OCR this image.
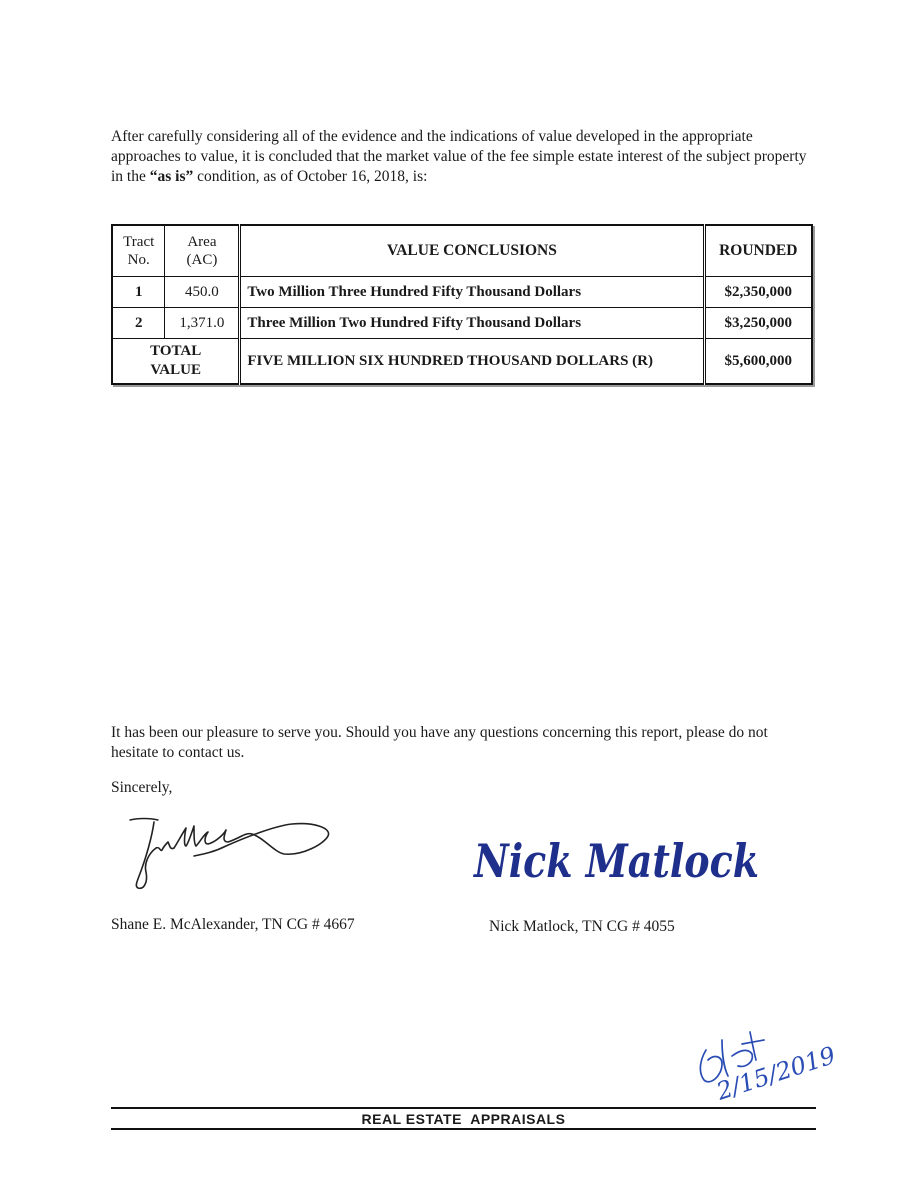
After carefully considering all of the evidence and the indications of value developed in the appropriate approaches to value, it is concluded that the market value of the fee simple estate interest of the subject property in the “as is” condition, as of October 16, 2018, is:

Tract No.	Area (AC)	VALUE CONCLUSIONS	ROUNDED
1	450.0	Two Million Three Hundred Fifty Thousand Dollars	$2,350,000
2	1,371.0	Three Million Two Hundred Fifty Thousand Dollars	$3,250,000
TOTAL VALUE		FIVE MILLION SIX HUNDRED THOUSAND DOLLARS (R)	$5,600,000

It has been our pleasure to serve you. Should you have any questions concerning this report, please do not hesitate to contact us.

Sincerely,
Nick Matlock
Shane E. McAlexander, TN CG # 4667	Nick Matlock, TN CG # 4055
2/15/2019
REAL ESTATE  APPRAISALS
